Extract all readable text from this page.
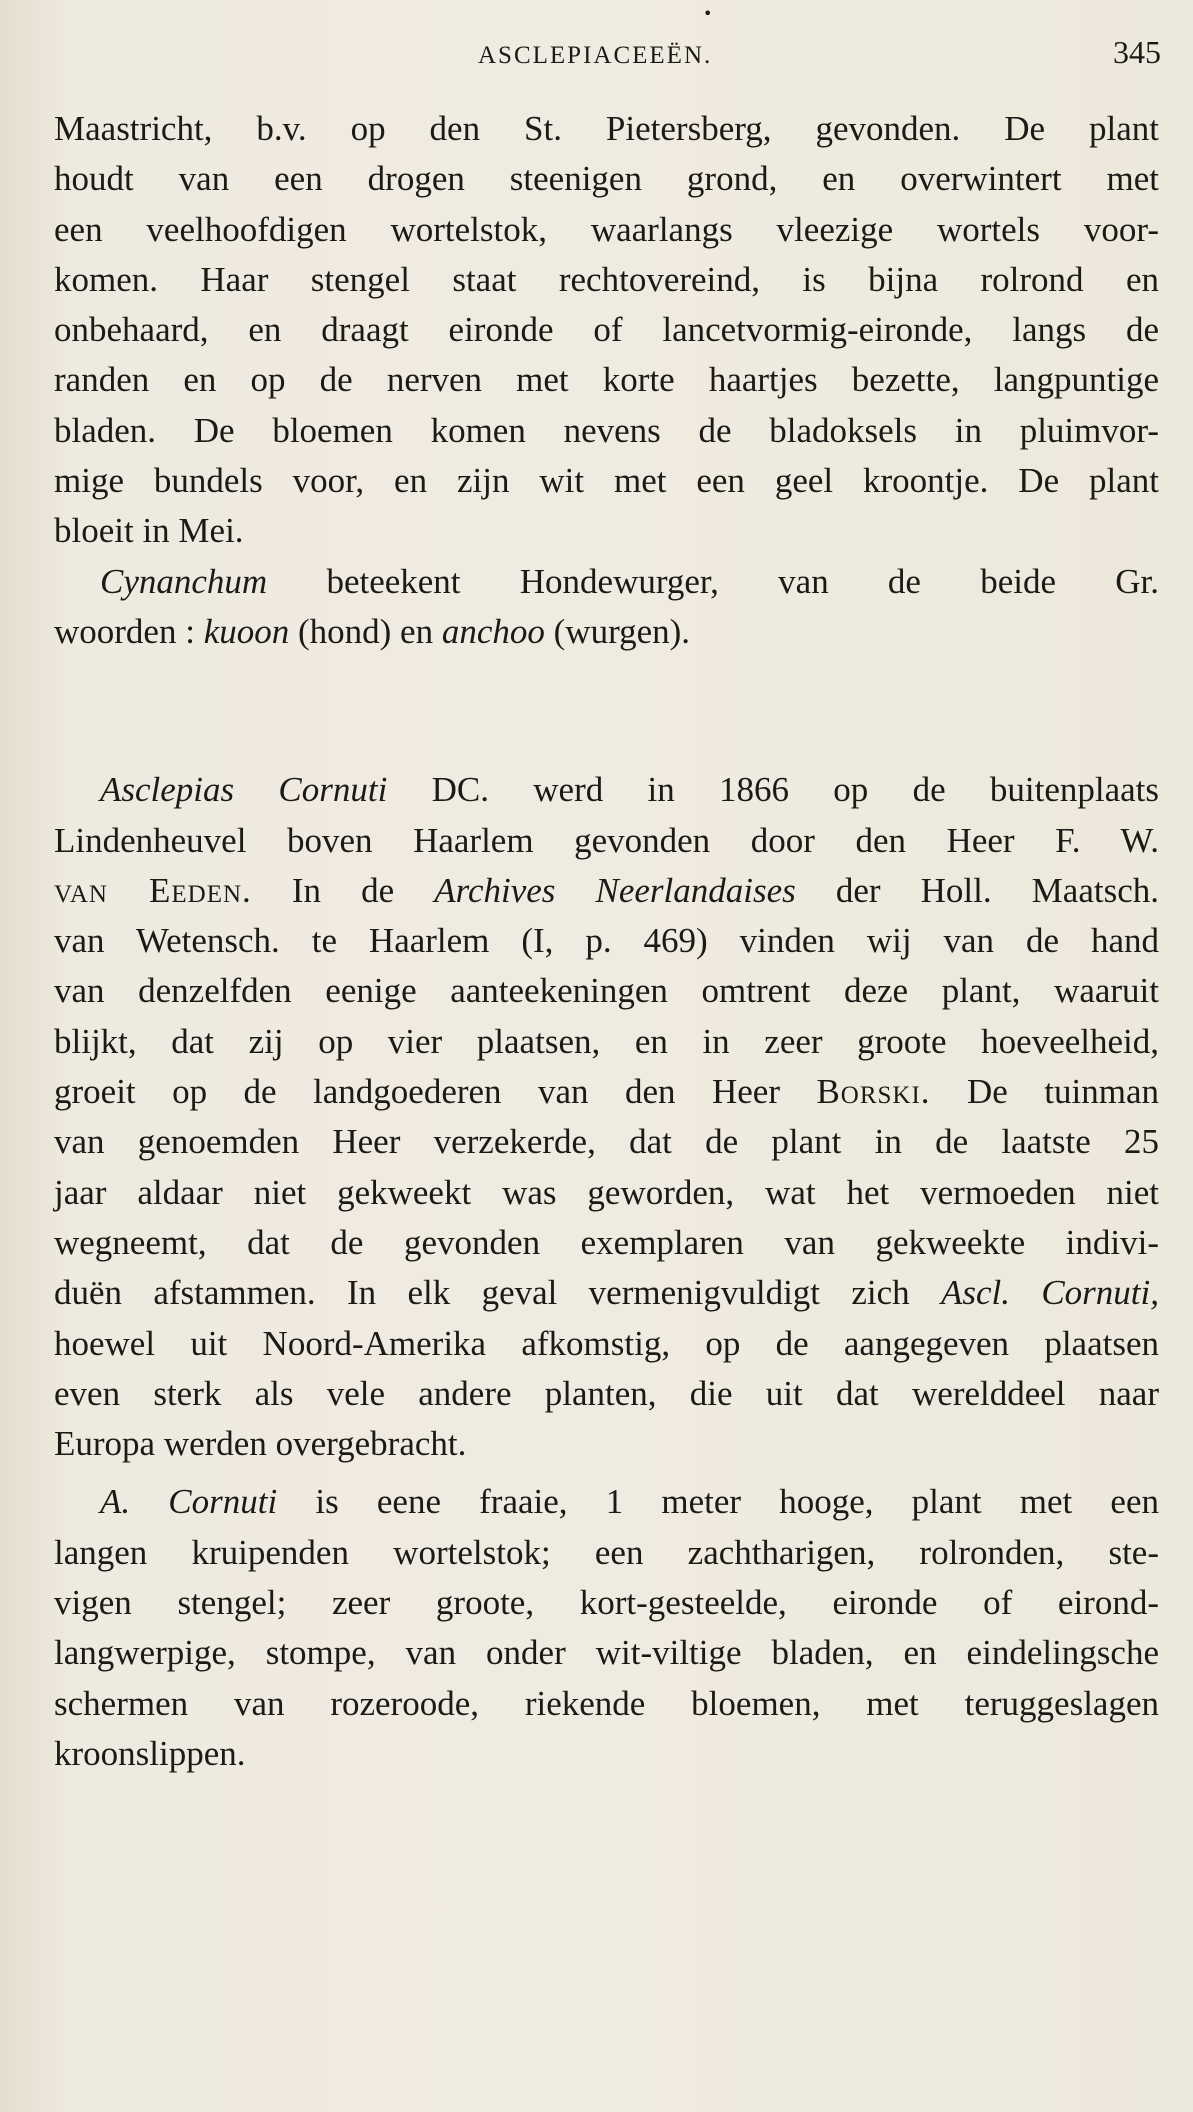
•
ASCLEPIACEEËN.	345
Maastricht, b.v. op den St. Pietersberg, gevonden. De plant
houdt van een drogen steenigen grond, en overwintert met
een veelhoofdigen wortelstok, waarlangs vleezige wortels voor-
komen. Haar stengel staat rechtovereind, is bijna rolrond en
onbehaard, en draagt eironde of lancetvormig-eironde, langs de
randen en op de nerven met korte haartjes bezette, langpuntige
bladen. De bloemen komen nevens de bladoksels in pluimvor-
mige bundels voor, en zijn wit met een geel kroontje. De plant
bloeit in Mei.
Cynanchum beteekent Hondewurger, van de beide Gr.
woorden : kuoon (hond) en anchoo (wurgen).
Asclepias Cornuti DC. werd in 1866 op de buitenplaats
Lindenheuvel boven Haarlem gevonden door den Heer F. W.
van Eeden. In de Archives Neerlandaises der Holl. Maatsch.
van Wetensch. te Haarlem (I, p. 469) vinden wij van de hand
van denzelfden eenige aanteekeningen omtrent deze plant, waaruit
blijkt, dat zij op vier plaatsen, en in zeer groote hoeveelheid,
groeit op de landgoederen van den Heer Borski. De tuinman
van genoemden Heer verzekerde, dat de plant in de laatste 25
jaar aldaar niet gekweekt was geworden, wat het vermoeden niet
wegneemt, dat de gevonden exemplaren van gekweekte indivi-
duën afstammen. In elk geval vermenigvuldigt zich Ascl. Cornuti,
hoewel uit Noord-Amerika afkomstig, op de aangegeven plaatsen
even sterk als vele andere planten, die uit dat werelddeel naar
Europa werden overgebracht.
A. Cornuti is eene fraaie, 1 meter hooge, plant met een
langen kruipenden wortelstok; een zachtharigen, rolronden, ste-
vigen stengel; zeer groote, kort-gesteelde, eironde of eirond-
langwerpige, stompe, van onder wit-viltige bladen, en eindelingsche
schermen van rozeroode, riekende bloemen, met teruggeslagen
kroonslippen.
